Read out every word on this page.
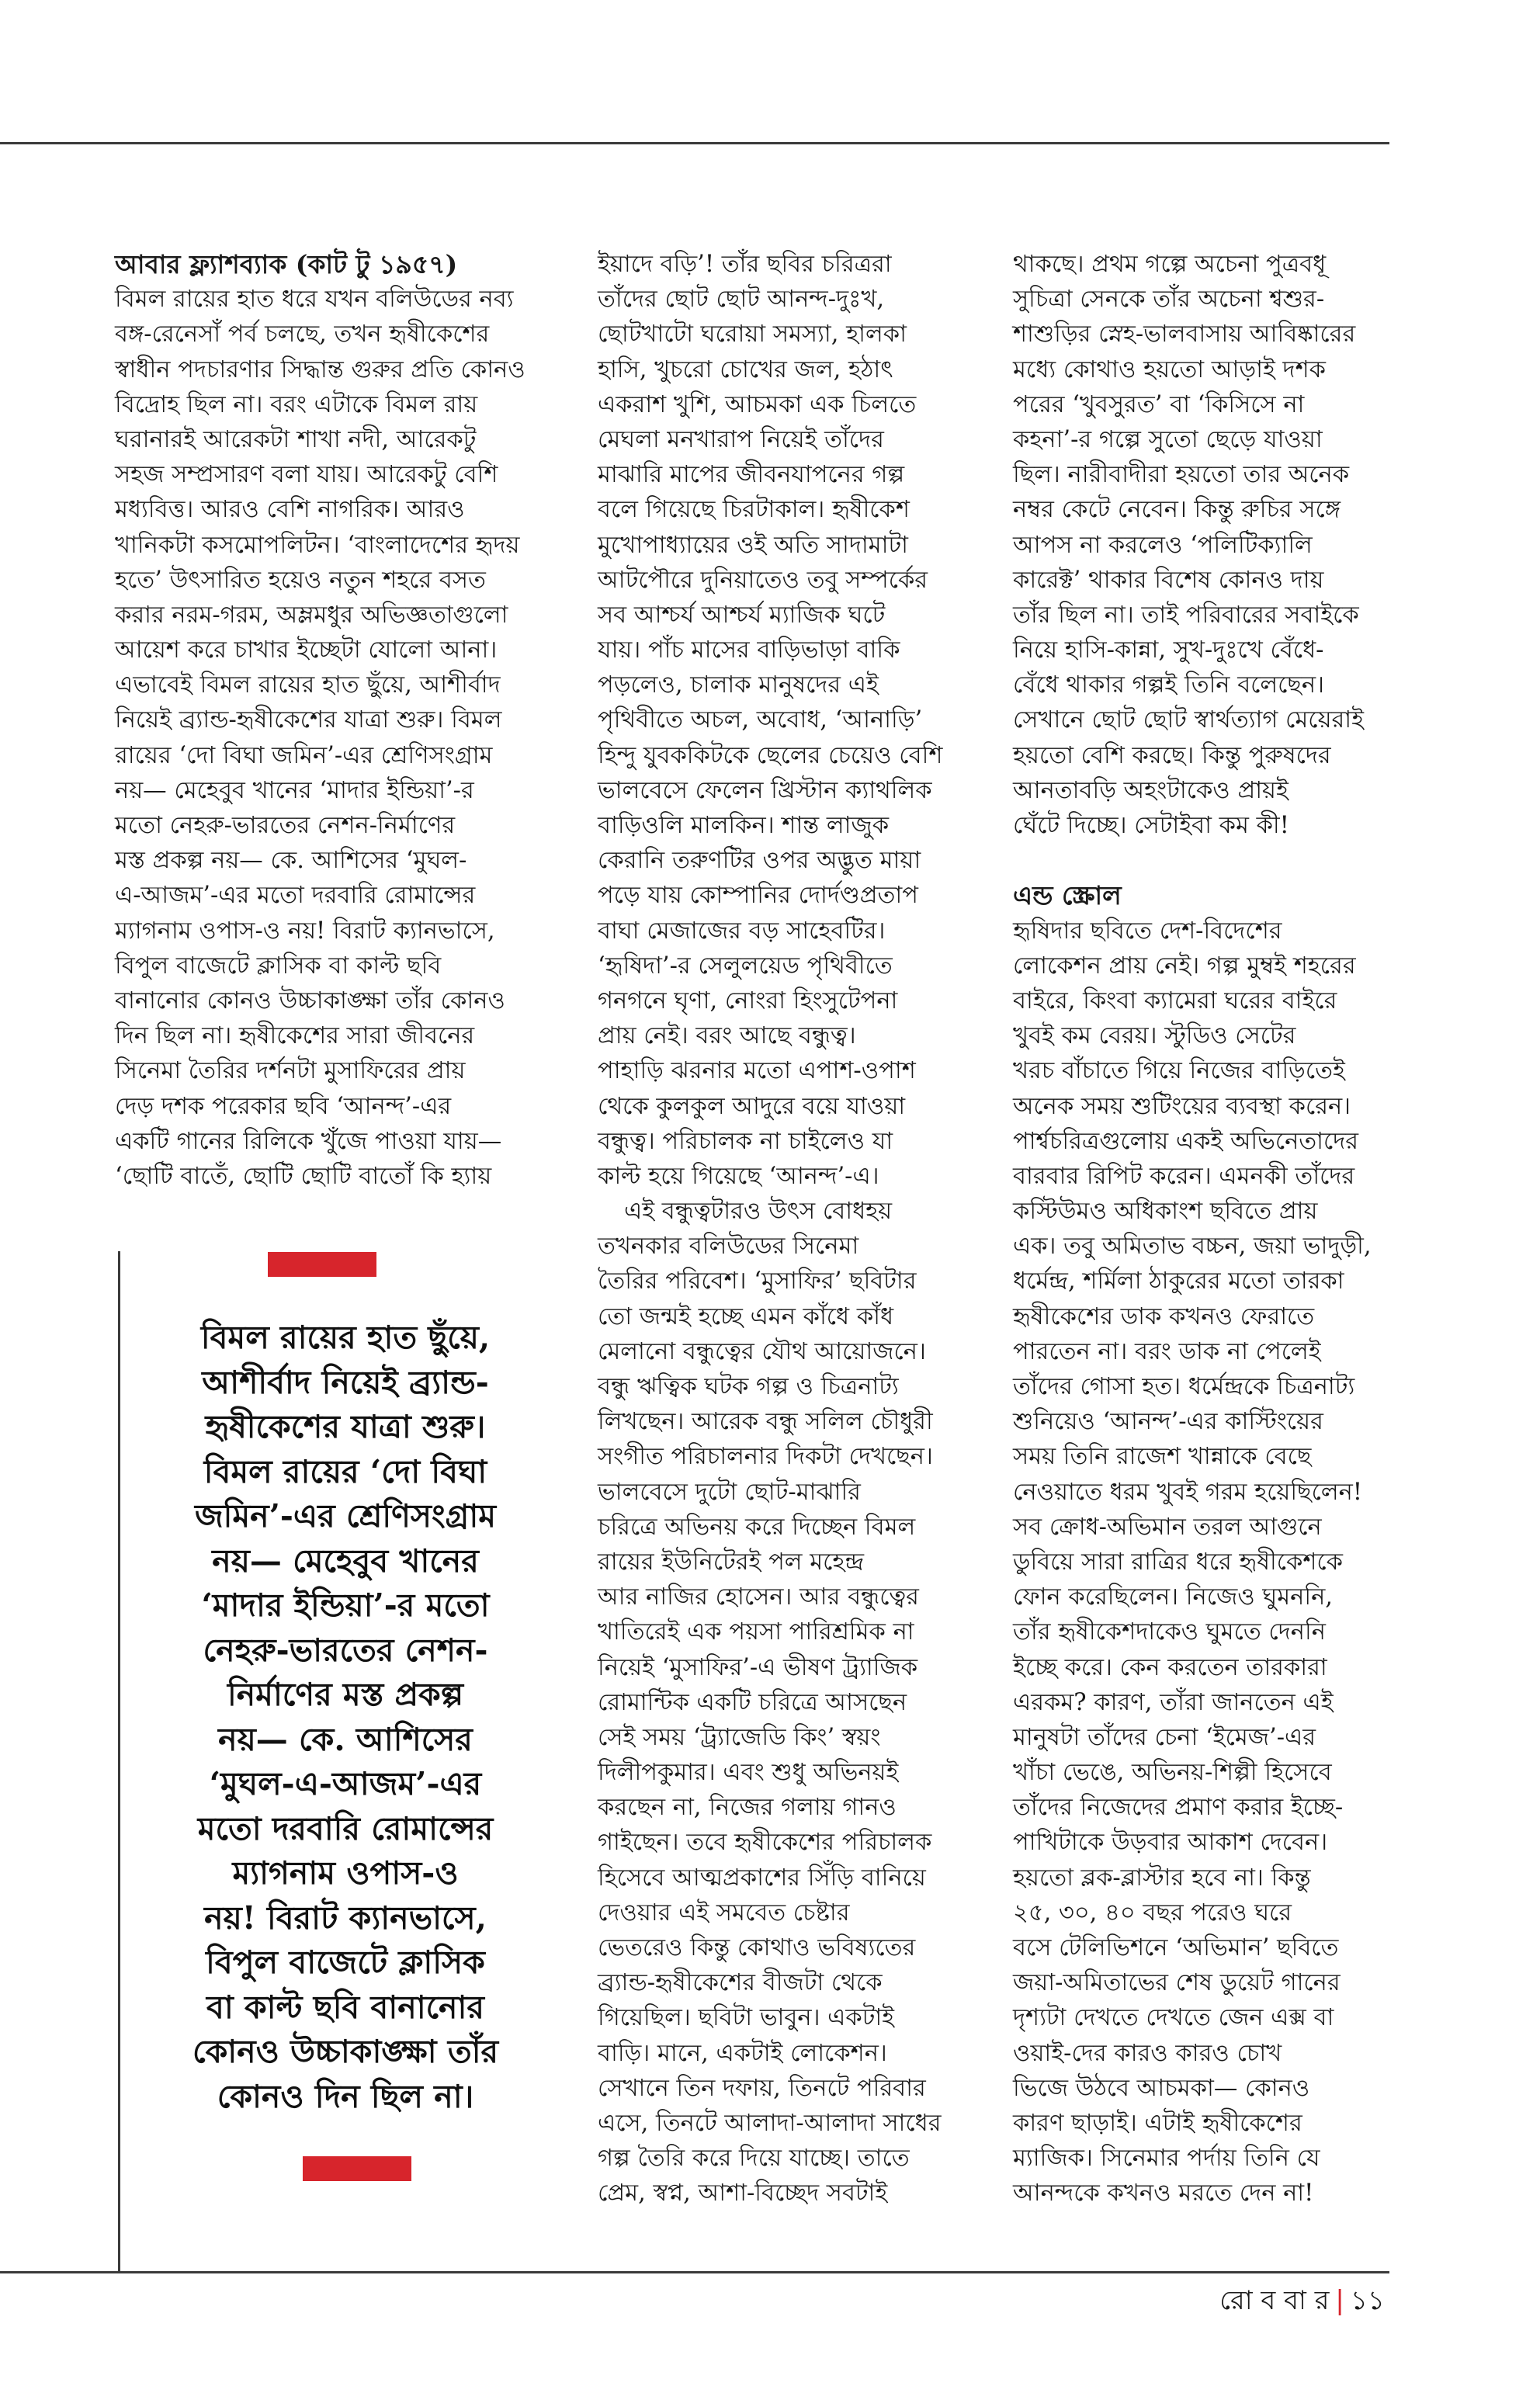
আবার ফ্ল্যাশব্যাক (কাট টু ১৯৫৭)
বিমল রায়ের হাত ধরে যখন বলিউডের নব্য
বঙ্গ-রেনেসাঁ পর্ব চলছে, তখন হৃষীকেশের
স্বাধীন পদচারণার সিদ্ধান্ত গুরুর প্রতি কোনও
বিদ্রোহ ছিল না। বরং এটাকে বিমল রায়
ঘরানারই আরেকটা শাখা নদী, আরেকটু
সহজ সম্প্রসারণ বলা যায়। আরেকটু বেশি
মধ্যবিত্ত। আরও বেশি নাগরিক। আরও
খানিকটা কসমোপলিটন। ‘বাংলাদেশের হৃদয়
হতে’ উৎসারিত হয়েও নতুন শহরে বসত
করার নরম-গরম, অম্লমধুর অভিজ্ঞতাগুলো
আয়েশ করে চাখার ইচ্ছেটা যোলো আনা।
এভাবেই বিমল রায়ের হাত ছুঁয়ে, আশীর্বাদ
নিয়েই ব্র্যান্ড-হৃষীকেশের যাত্রা শুরু। বিমল
রায়ের ‘দো বিঘা জমিন’-এর শ্রেণিসংগ্রাম
নয়— মেহেবুব খানের ‘মাদার ইন্ডিয়া’-র
মতো নেহরু-ভারতের নেশন-নির্মাণের
মস্ত প্রকল্প নয়— কে. আশিসের ‘মুঘল-
এ-আজম’-এর মতো দরবারি রোমান্সের
ম্যাগনাম ওপাস-ও নয়! বিরাট ক্যানভাসে,
বিপুল বাজেটে ক্লাসিক বা কাল্ট ছবি
বানানোর কোনও উচ্চাকাঙ্ক্ষা তাঁর কোনও
দিন ছিল না। হৃষীকেশের সারা জীবনের
সিনেমা তৈরির দর্শনটা মুসাফিরের প্রায়
দেড় দশক পরেকার ছবি ‘আনন্দ’-এর
একটি গানের রিলিকে খুঁজে পাওয়া যায়—
‘ছোটি বাতেঁ, ছোটি ছোটি বাতোঁ কি হ্যায়
ইয়াদে বড়ি’! তাঁর ছবির চরিত্ররা
তাঁদের ছোট ছোট আনন্দ-দুঃখ,
ছোটখাটো ঘরোয়া সমস্যা, হালকা
হাসি, খুচরো চোখের জল, হঠাৎ
একরাশ খুশি, আচমকা এক চিলতে
মেঘলা মনখারাপ নিয়েই তাঁদের
মাঝারি মাপের জীবনযাপনের গল্প
বলে গিয়েছে চিরটাকাল। হৃষীকেশ
মুখোপাধ্যায়ের ওই অতি সাদামাটা
আটপৌরে দুনিয়াতেও তবু সম্পর্কের
সব আশ্চর্য আশ্চর্য ম্যাজিক ঘটে
যায়। পাঁচ মাসের বাড়িভাড়া বাকি
পড়লেও, চালাক মানুষদের এই
পৃথিবীতে অচল, অবোধ, ‘আনাড়ি’
হিন্দু যুবককিটকে ছেলের চেয়েও বেশি
ভালবেসে ফেলেন খ্রিস্টান ক্যাথলিক
বাড়িওলি মালকিন। শান্ত লাজুক
কেরানি তরুণটির ওপর অদ্ভুত মায়া
পড়ে যায় কোম্পানির দোর্দণ্ডপ্রতাপ
বাঘা মেজাজের বড় সাহেবটির।
‘হৃষিদা’-র সেলুলয়েড পৃথিবীতে
গনগনে ঘৃণা, নোংরা হিংসুটেপনা
প্রায় নেই। বরং আছে বন্ধুত্ব।
পাহাড়ি ঝরনার মতো এপাশ-ওপাশ
থেকে কুলকুল আদুরে বয়ে যাওয়া
বন্ধুত্ব। পরিচালক না চাইলেও যা
কাল্ট হয়ে গিয়েছে ‘আনন্দ’-এ।
এই বন্ধুত্বটারও উৎস বোধহয়
তখনকার বলিউডের সিনেমা
তৈরির পরিবেশ। ‘মুসাফির’ ছবিটার
তো জন্মই হচ্ছে এমন কাঁধে কাঁধ
মেলানো বন্ধুত্বের যৌথ আয়োজনে।
বন্ধু ঋত্বিক ঘটক গল্প ও চিত্রনাট্য
লিখছেন। আরেক বন্ধু সলিল চৌধুরী
সংগীত পরিচালনার দিকটা দেখছেন।
ভালবেসে দুটো ছোট-মাঝারি
চরিত্রে অভিনয় করে দিচ্ছেন বিমল
রায়ের ইউনিটেরই পল মহেন্দ্র
আর নাজির হোসেন। আর বন্ধুত্বের
খাতিরেই এক পয়সা পারিশ্রমিক না
নিয়েই ‘মুসাফির’-এ ভীষণ ট্র্যাজিক
রোমান্টিক একটি চরিত্রে আসছেন
সেই সময় ‘ট্র্যাজেডি কিং’ স্বয়ং
দিলীপকুমার। এবং শুধু অভিনয়ই
করছেন না, নিজের গলায় গানও
গাইছেন। তবে হৃষীকেশের পরিচালক
হিসেবে আত্মপ্রকাশের সিঁড়ি বানিয়ে
দেওয়ার এই সমবেত চেষ্টার
ভেতরেও কিন্তু কোথাও ভবিষ্যতের
ব্র্যান্ড-হৃষীকেশের বীজটা থেকে
গিয়েছিল। ছবিটা ভাবুন। একটাই
বাড়ি। মানে, একটাই লোকেশন।
সেখানে তিন দফায়, তিনটে পরিবার
এসে, তিনটে আলাদা-আলাদা সাধের
গল্প তৈরি করে দিয়ে যাচ্ছে। তাতে
প্রেম, স্বপ্ন, আশা-বিচ্ছেদ সবটাই
থাকছে। প্রথম গল্পে অচেনা পুত্রবধূ
সুচিত্রা সেনকে তাঁর অচেনা শ্বশুর-
শাশুড়ির স্নেহ-ভালবাসায় আবিষ্কারের
মধ্যে কোথাও হয়তো আড়াই দশক
পরের ‘খুবসুরত’ বা ‘কিসিসে না
কহনা’-র গল্পে সুতো ছেড়ে যাওয়া
ছিল। নারীবাদীরা হয়তো তার অনেক
নম্বর কেটে নেবেন। কিন্তু রুচির সঙ্গে
আপস না করলেও ‘পলিটিক্যালি
কারেক্ট’ থাকার বিশেষ কোনও দায়
তাঁর ছিল না। তাই পরিবারের সবাইকে
নিয়ে হাসি-কান্না, সুখ-দুঃখে বেঁধে-
বেঁধে থাকার গল্পই তিনি বলেছেন।
সেখানে ছোট ছোট স্বার্থত্যাগ মেয়েরাই
হয়তো বেশি করছে। কিন্তু পুরুষদের
আনতাবড়ি অহংটাকেও প্রায়ই
ঘেঁটে দিচ্ছে। সেটাইবা কম কী!
এন্ড স্ক্রোল
হৃষিদার ছবিতে দেশ-বিদেশের
লোকেশন প্রায় নেই। গল্প মুম্বই শহরের
বাইরে, কিংবা ক্যামেরা ঘরের বাইরে
খুবই কম বেরয়। স্টুডিও সেটের
খরচ বাঁচাতে গিয়ে নিজের বাড়িতেই
অনেক সময় শুটিংয়ের ব্যবস্থা করেন।
পার্শ্বচরিত্রগুলোয় একই অভিনেতাদের
বারবার রিপিট করেন। এমনকী তাঁদের
কস্টিউমও অধিকাংশ ছবিতে প্রায়
এক। তবু অমিতাভ বচ্চন, জয়া ভাদুড়ী,
ধর্মেন্দ্র, শর্মিলা ঠাকুরের মতো তারকা
হৃষীকেশের ডাক কখনও ফেরাতে
পারতেন না। বরং ডাক না পেলেই
তাঁদের গোসা হত। ধর্মেন্দ্রকে চিত্রনাট্য
শুনিয়েও ‘আনন্দ’-এর কাস্টিংয়ের
সময় তিনি রাজেশ খান্নাকে বেছে
নেওয়াতে ধরম খুবই গরম হয়েছিলেন!
সব ক্রোধ-অভিমান তরল আগুনে
ডুবিয়ে সারা রাত্রির ধরে হৃষীকেশকে
ফোন করেছিলেন। নিজেও ঘুমননি,
তাঁর হৃষীকেশদাকেও ঘুমতে দেননি
ইচ্ছে করে। কেন করতেন তারকারা
এরকম? কারণ, তাঁরা জানতেন এই
মানুষটা তাঁদের চেনা ‘ইমেজ’-এর
খাঁচা ভেঙে, অভিনয়-শিল্পী হিসেবে
তাঁদের নিজেদের প্রমাণ করার ইচ্ছে-
পাখিটাকে উড়বার আকাশ দেবেন।
হয়তো ব্লক-ব্লাস্টার হবে না। কিন্তু
২৫, ৩০, ৪০ বছর পরেও ঘরে
বসে টেলিভিশনে ‘অভিমান’ ছবিতে
জয়া-অমিতাভের শেষ ডুয়েট গানের
দৃশ্যটা দেখতে দেখতে জেন এক্স বা
ওয়াই-দের কারও কারও চোখ
ভিজে উঠবে আচমকা— কোনও
কারণ ছাড়াই। এটাই হৃষীকেশের
ম্যাজিক। সিনেমার পর্দায় তিনি যে
আনন্দকে কখনও মরতে দেন না!
বিমল রায়ের হাত ছুঁয়ে,
আশীর্বাদ নিয়েই ব্র্যান্ড-
হৃষীকেশের যাত্রা শুরু।
বিমল রায়ের ‘দো বিঘা
জমিন’-এর শ্রেণিসংগ্রাম
নয়— মেহেবুব খানের
‘মাদার ইন্ডিয়া’-র মতো
নেহরু-ভারতের নেশন-
নির্মাণের মস্ত প্রকল্প
নয়— কে. আশিসের
‘মুঘল-এ-আজম’-এর
মতো দরবারি রোমান্সের
ম্যাগনাম ওপাস-ও
নয়! বিরাট ক্যানভাসে,
বিপুল বাজেটে ক্লাসিক
বা কাল্ট ছবি বানানোর
কোনও উচ্চাকাঙ্ক্ষা তাঁর
কোনও দিন ছিল না।
রো ব বা র | ১১
